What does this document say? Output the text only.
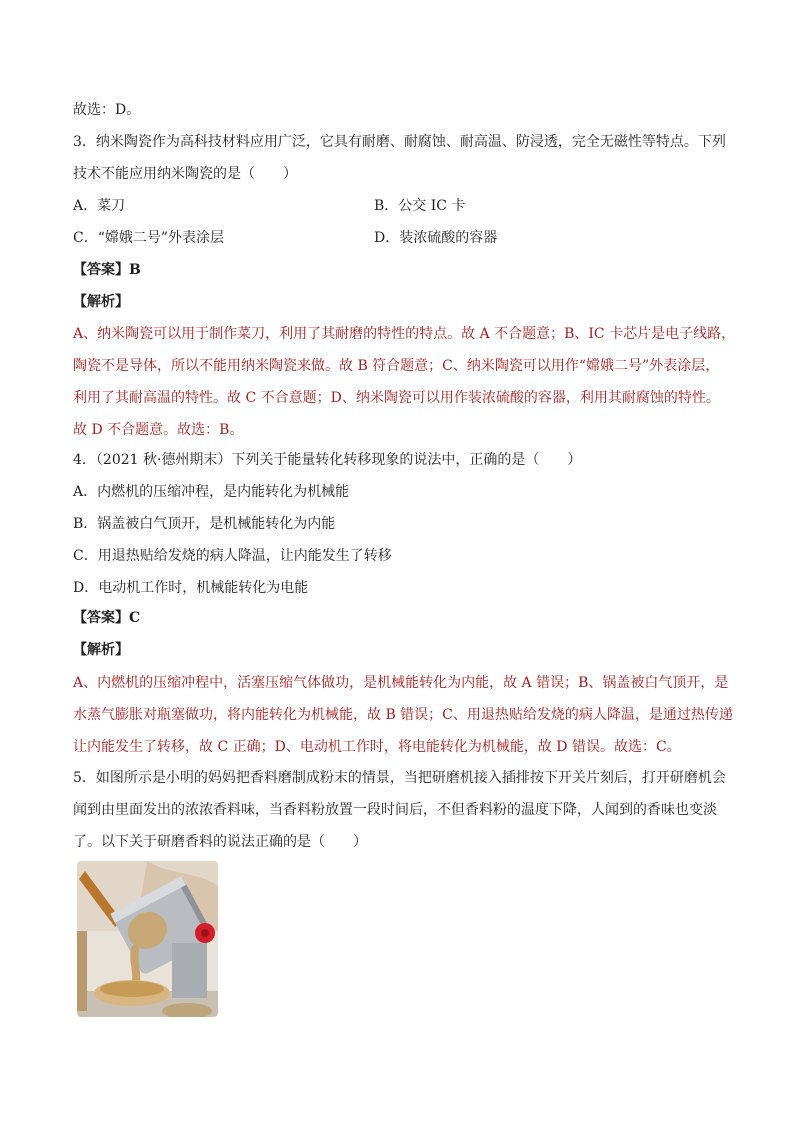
故选：D。
3．纳米陶瓷作为高科技材料应用广泛，它具有耐磨、耐腐蚀、耐高温、防浸透，完全无磁性等特点。下列
技术不能应用纳米陶瓷的是（　　）
A．菜刀	B．公交 IC 卡
C．“嫦娥二号”外表涂层	D．装浓硫酸的容器
【答案】B
【解析】
A、纳米陶瓷可以用于制作菜刀，利用了其耐磨的特性的特点。故 A 不合题意；B、IC 卡芯片是电子线路，
陶瓷不是导体，所以不能用纳米陶瓷来做。故 B 符合题意；C、纳米陶瓷可以用作“嫦娥二号”外表涂层，
利用了其耐高温的特性。故 C 不合意题；D、纳米陶瓷可以用作装浓硫酸的容器，利用其耐腐蚀的特性。
故 D 不合题意。故选：B。
4．（2021 秋·德州期末）下列关于能量转化转移现象的说法中，正确的是（　　）
A．内燃机的压缩冲程，是内能转化为机械能
B．锅盖被白气顶开，是机械能转化为内能
C．用退热贴给发烧的病人降温，让内能发生了转移
D．电动机工作时，机械能转化为电能
【答案】C
【解析】
A、内燃机的压缩冲程中，活塞压缩气体做功，是机械能转化为内能，故 A 错误；B、锅盖被白气顶开，是
水蒸气膨胀对瓶塞做功，将内能转化为机械能，故 B 错误；C、用退热贴给发烧的病人降温，是通过热传递
让内能发生了转移，故 C 正确；D、电动机工作时，将电能转化为机械能，故 D 错误。故选：C。
5．如图所示是小明的妈妈把香料磨制成粉末的情景，当把研磨机接入插排按下开关片刻后，打开研磨机会
闻到由里面发出的浓浓香料味，当香料粉放置一段时间后，不但香料粉的温度下降，人闻到的香味也变淡
了。以下关于研磨香料的说法正确的是（　　）
